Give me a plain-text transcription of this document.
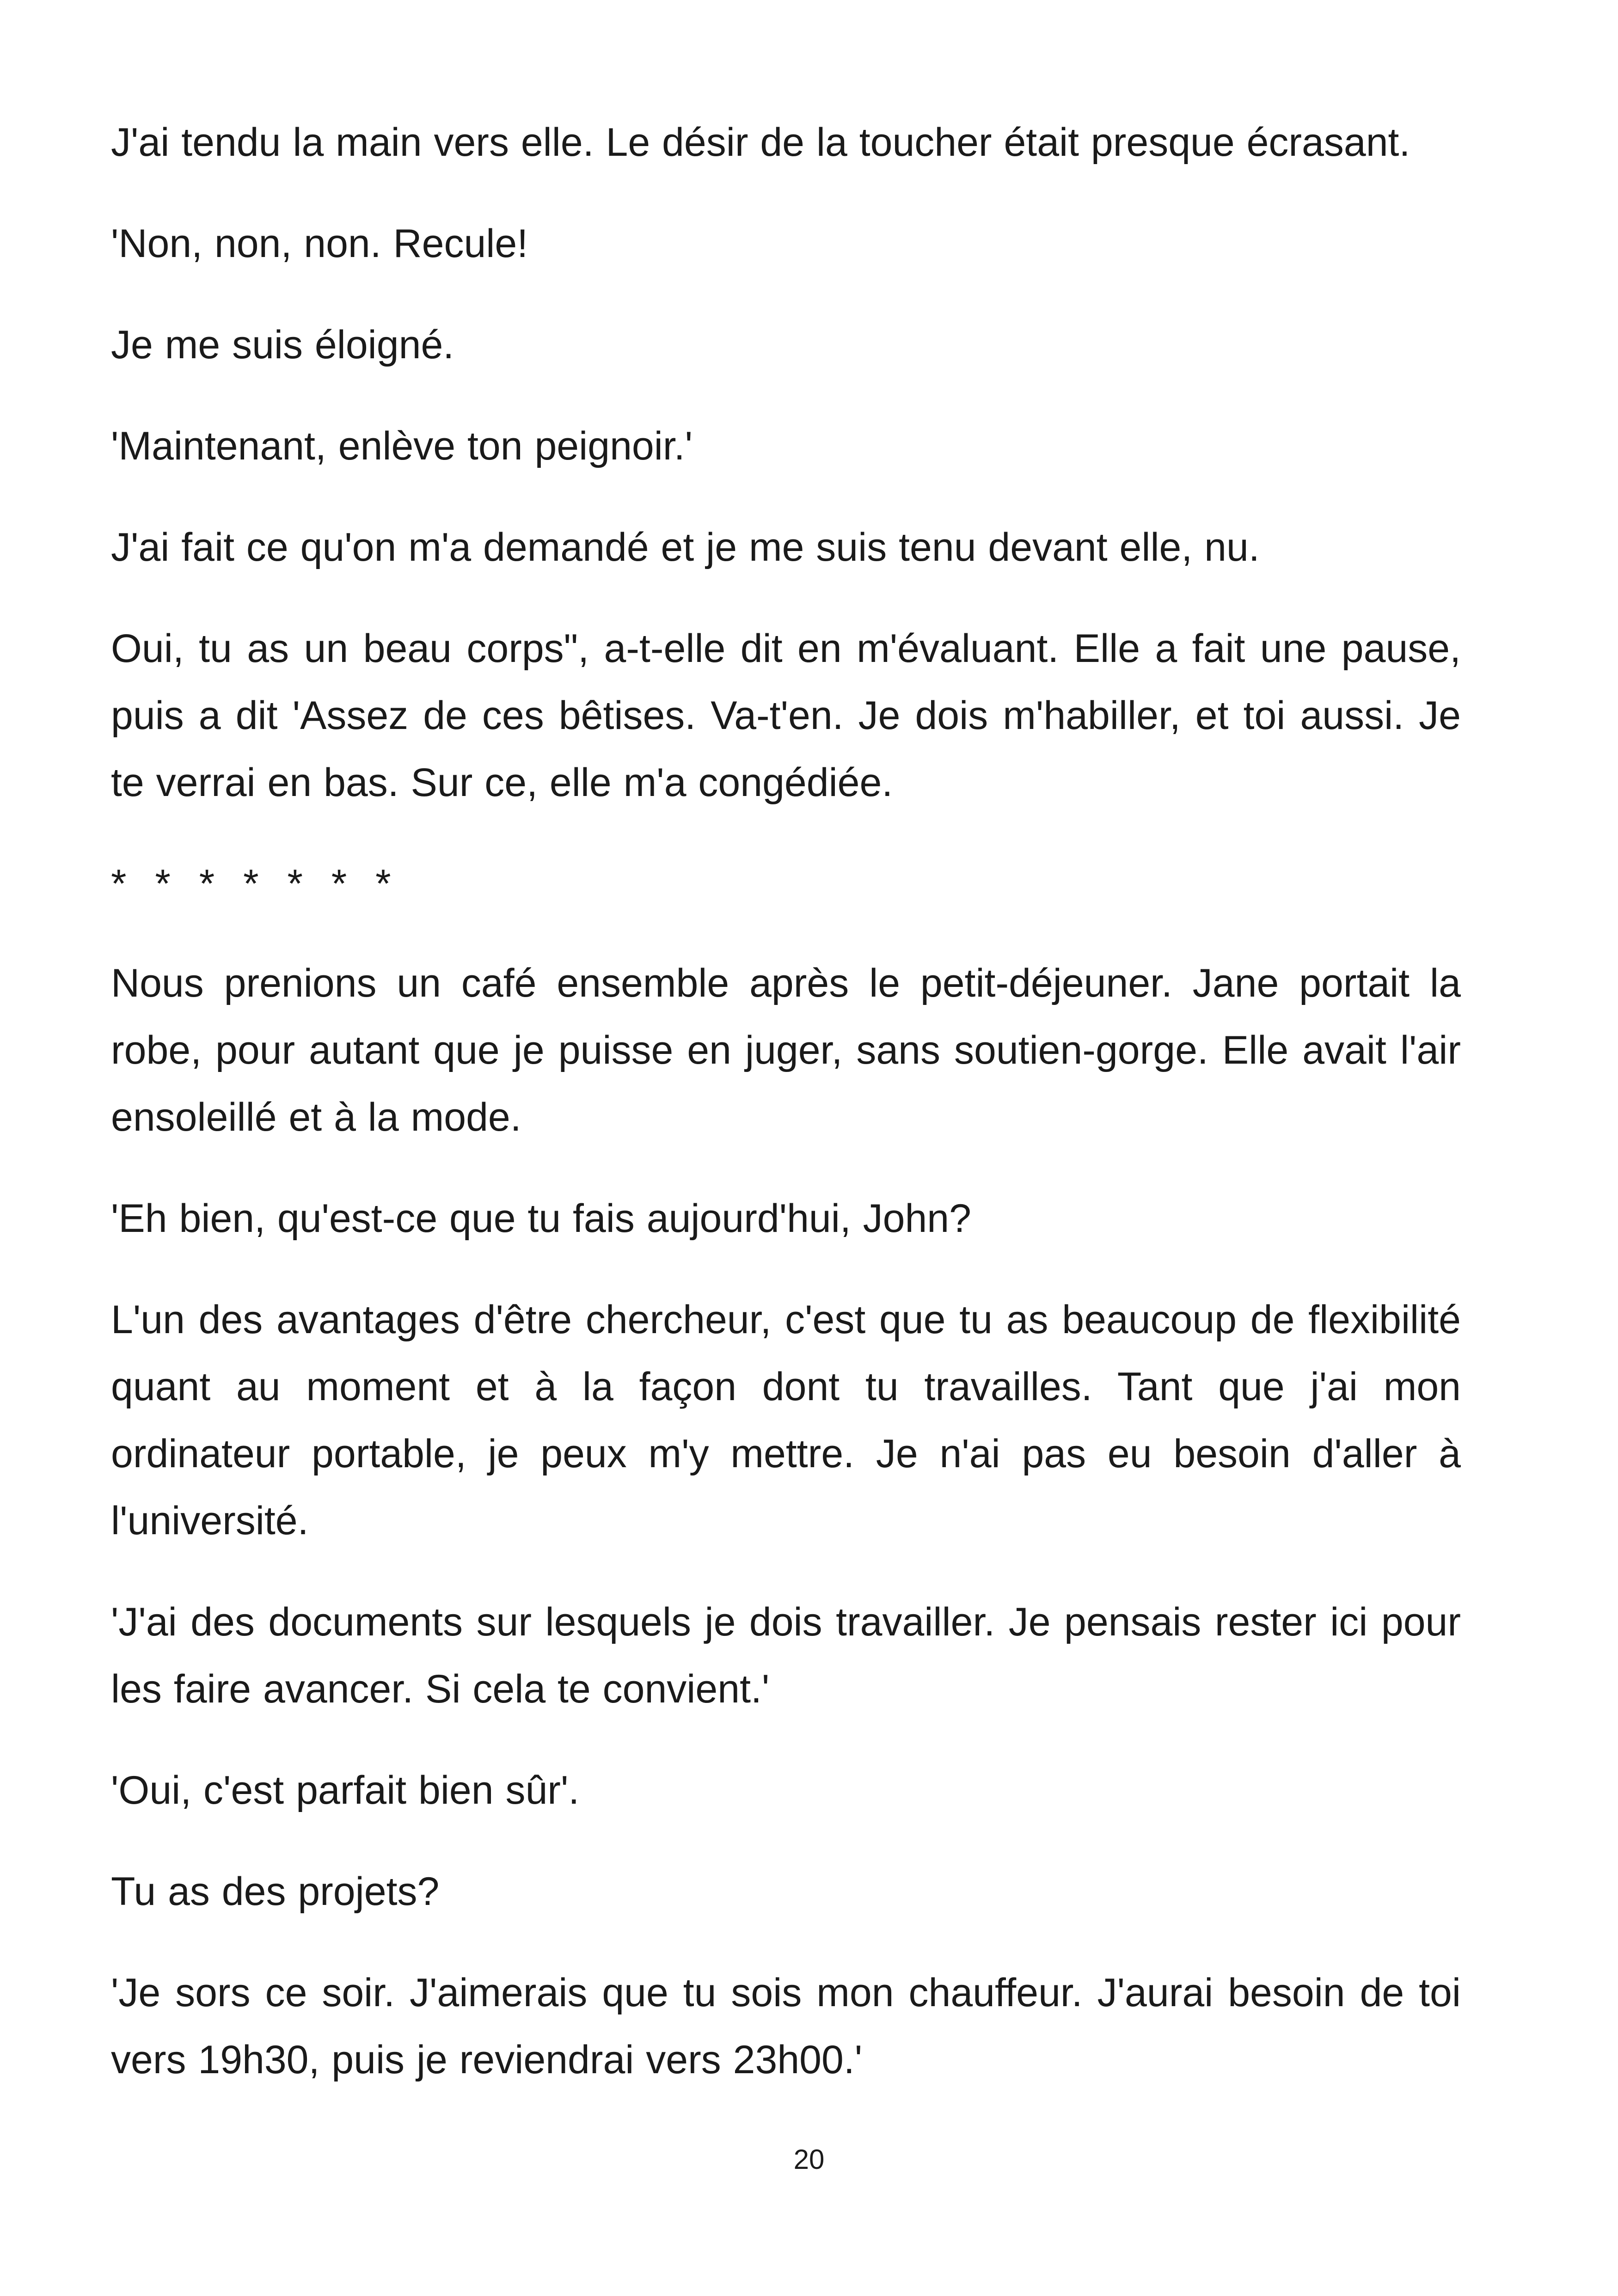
J'ai tendu la main vers elle. Le désir de la toucher était presque écrasant.

'Non, non, non. Recule!

Je me suis éloigné.

'Maintenant, enlève ton peignoir.'

J'ai fait ce qu'on m'a demandé et je me suis tenu devant elle, nu.

Oui, tu as un beau corps", a-t-elle dit en m'évaluant. Elle a fait une pause, puis a dit 'Assez de ces bêtises. Va-t'en. Je dois m'habiller, et toi aussi. Je te verrai en bas. Sur ce, elle m'a congédiée.

* * * * * * *

Nous prenions un café ensemble après le petit-déjeuner. Jane portait la robe, pour autant que je puisse en juger, sans soutien-gorge. Elle avait l'air ensoleillé et à la mode.

'Eh bien, qu'est-ce que tu fais aujourd'hui, John?

L'un des avantages d'être chercheur, c'est que tu as beaucoup de flexibilité quant au moment et à la façon dont tu travailles. Tant que j'ai mon ordinateur portable, je peux m'y mettre. Je n'ai pas eu besoin d'aller à l'université.

'J'ai des documents sur lesquels je dois travailler. Je pensais rester ici pour les faire avancer. Si cela te convient.'

'Oui, c'est parfait bien sûr'.

Tu as des projets?

'Je sors ce soir. J'aimerais que tu sois mon chauffeur. J'aurai besoin de toi vers 19h30, puis je reviendrai vers 23h00.'

20
